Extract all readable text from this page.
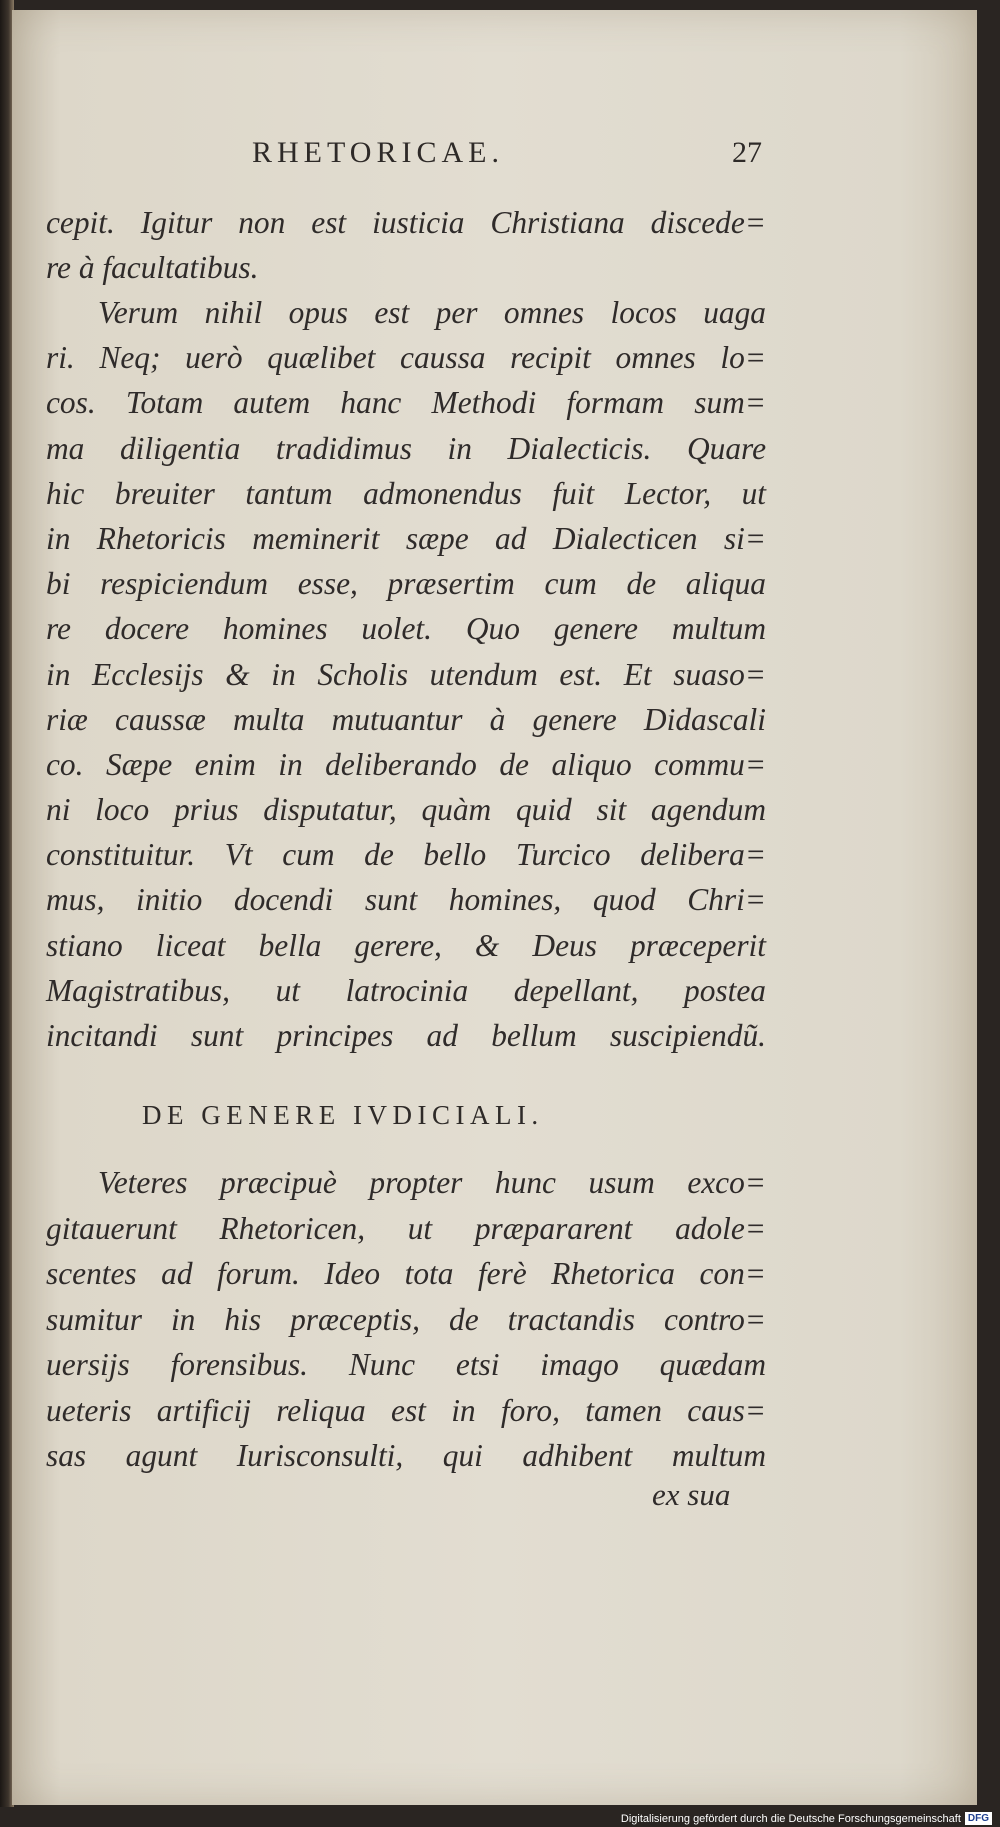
RHETORICAE.	27

cepit. Igitur non est iusticia Christiana discede=
re à facultatibus.

Verum nihil opus est per omnes locos uaga
ri. Neq; uerò quælibet caussa recipit omnes lo=
cos. Totam autem hanc Methodi formam sum=
ma diligentia tradidimus in Dialecticis. Quare
hic breuiter tantum admonendus fuit Lector, ut
in Rhetoricis meminerit sæpe ad Dialecticen si=
bi respiciendum esse, præsertim cum de aliqua
re docere homines uolet. Quo genere multum
in Ecclesijs & in Scholis utendum est. Et suaso=
riæ caussæ multa mutuantur à genere Didascali
co. Sæpe enim in deliberando de aliquo commu=
ni loco prius disputatur, quàm quid sit agendum
constituitur. Vt cum de bello Turcico delibera=
mus, initio docendi sunt homines, quod Chri=
stiano liceat bella gerere, & Deus præceperit
Magistratibus, ut latrocinia depellant, postea
incitandi sunt principes ad bellum suscipiendũ.

DE GENERE IVDICIALI.

Veteres præcipuè propter hunc usum exco=
gitauerunt Rhetoricen, ut præpararent adole=
scentes ad forum. Ideo tota ferè Rhetorica con=
sumitur in his præceptis, de tractandis contro=
uersijs forensibus. Nunc etsi imago quædam
ueteris artificij reliqua est in foro, tamen caus=
sas agunt Iurisconsulti, qui adhibent multum

ex sua
Digitalisierung gefördert durch die Deutsche Forschungsgemeinschaft DFG
